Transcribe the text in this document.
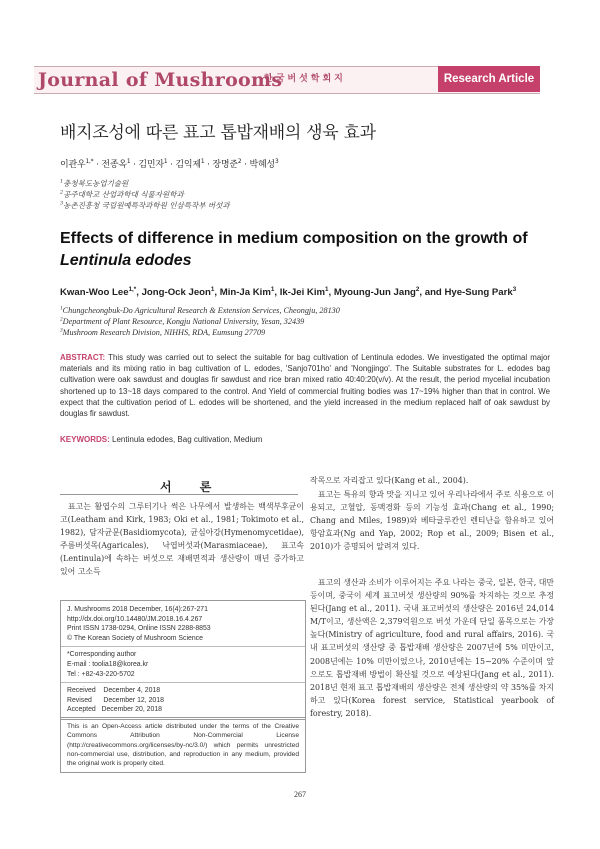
Journal of Mushrooms
한국버섯학회지	Research Article
배지조성에 따른 표고 톱밥재배의 생육 효과
이관우$^{1,*}$ · 전종옥$^1$ · 김민자$^1$ · 김익제$^1$ · 장명준$^2$ · 박혜성$^3$
$^1$충청북도농업기술원
$^2$공주대학교 산업과학대 식물자원학과
$^3$농촌진흥청 국립원예특작과학원 인삼특작부 버섯과
Effects of difference in medium composition on the growth of
Lentinula edodes
Kwan-Woo Lee$^{1,*}$, Jong-Ock Jeon$^1$, Min-Ja Kim$^1$, Ik-Jei Kim$^1$, Myoung-Jun Jang$^2$, and Hye-Sung Park$^3$
$^1$Chungcheongbuk-Do Agricultural Research & Extension Services, Cheongju, 28130
$^2$Department of Plant Resource, Kongju National University, Yesan, 32439
$^3$Mushroom Research Division, NIHHS, RDA, Eumsung 27709
ABSTRACT: This study was carried out to select the suitable for bag cultivation of Lentinula edodes. We investigated the optimal major materials and its mixing ratio in bag cultivation of L. edodes, 'Sanjo701ho' and 'Nongjingo'. The Suitable substrates for L. edodes bag cultivation were oak sawdust and douglas fir sawdust and rice bran mixed ratio 40:40:20(v/v). At the result, the period mycelial incubation shortened up to 13~18 days compared to the control. And Yield of commercial fruiting bodies was 17~19% higher than that in control. We expect that the cultivation period of L. edodes will be shortened, and the yield increased in the medium replaced half of oak sawdust by douglas fir sawdust.
KEYWORDS: Lentinula edodes, Bag cultivation, Medium
서 론
표고는 활엽수의 그루터기나 썩은 나무에서 발생하는 백색부후균이고(Leatham and Kirk, 1983; Oki et al., 1981; Tokimoto et al., 1982), 담자균문(Basidiomycota), 균심아강(Hymenomycetidae), 주름버섯목(Agaricales), 낙엽버섯과(Marasmiaceae), 표고속(Lentinula)에 속하는 버섯으로 재배면적과 생산량이 매년 증가하고 있어 고소득
J. Mushrooms 2018 December, 16(4):267-271
http://dx.doi.org/10.14480/JM.2018.16.4.267
Print ISSN 1738-0294, Online ISSN 2288-8853
© The Korean Society of Mushroom Science
*Corresponding author
E-mail : toolia18@korea.kr
Tel : +82-43-220-5702
Received    December 4, 2018
Revised      December 12, 2018
Accepted   December 20, 2018
This is an Open-Access article distributed under the terms of the Creative Commons Attribution Non-Commercial License (http://creativecommons.org/licenses/by-nc/3.0/) which permits unrestricted non-commercial use, distribution, and reproduction in any medium, provided the original work is properly cited.
작목으로 자리잡고 있다(Kang et al., 2004).
표고는 특유의 향과 맛을 지니고 있어 우리나라에서 주로 식용으로 이용되고, 고혈압, 동맥경화 등의 기능성 효과(Chang et al., 1990; Chang and Miles, 1989)와 베타글루칸인 렌티난을 함유하고 있어 항암효과(Ng and Yap, 2002; Rop et al., 2009; Bisen et al., 2010)가 증명되어 알려져 있다.
표고의 생산과 소비가 이루어지는 주요 나라는 중국, 일본, 한국, 대만 등이며, 중국이 세계 표고버섯 생산량의 90%를 차지하는 것으로 추정된다(Jang et al., 2011). 국내 표고버섯의 생산량은 2016년 24,014 M/T이고, 생산액은 2,379억원으로 버섯 가운데 단일 품목으로는 가장 높다(Ministry of agriculture, food and rural affairs, 2016). 국내 표고버섯의 생산량 중 톱밥재배 생산량은 2007년에 5% 미만이고, 2008년에는 10% 미만이었으나, 2010년에는 15~20% 수준이며 앞으로도 톱밥재배 방법이 확산될 것으로 예상된다(Jang et al., 2011). 2018년 현재 표고 톱밥재배의 생산량은 전체 생산량의 약 35%를 차지하고 있다(Korea forest service, Statistical yearbook of forestry, 2018).
267
